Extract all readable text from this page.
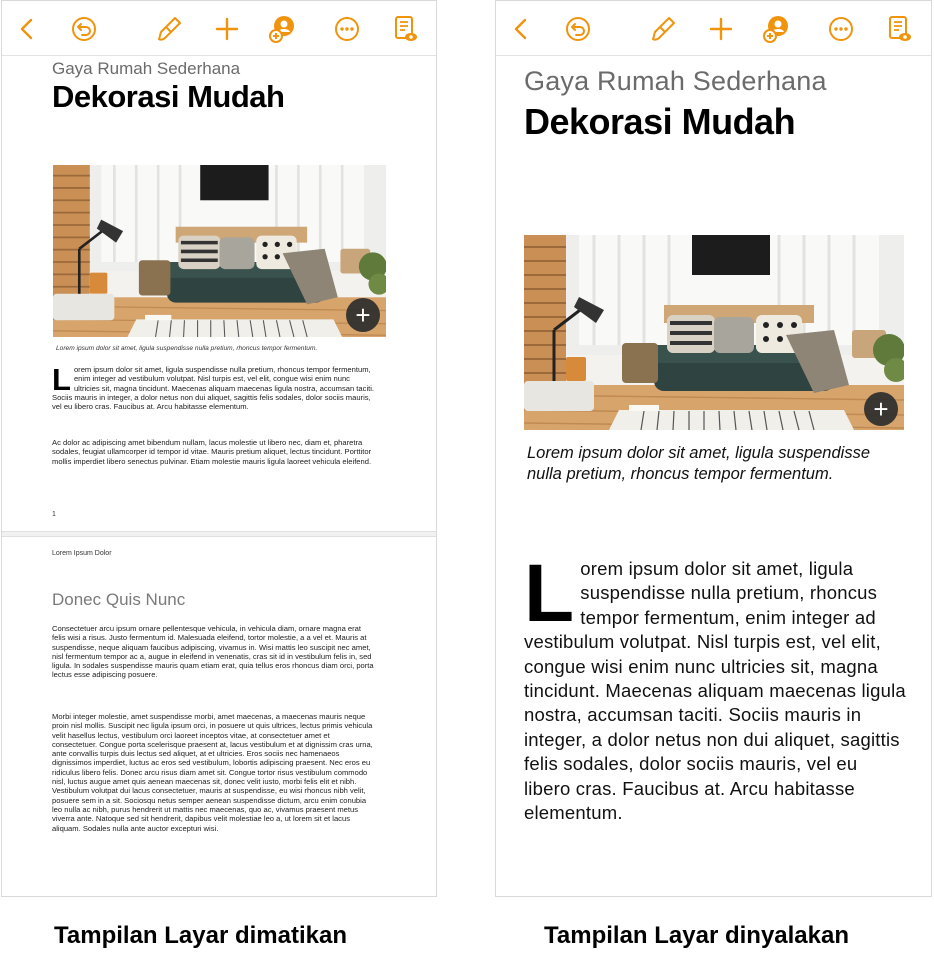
Gaya Rumah Sederhana
Dekorasi Mudah
+
Lorem ipsum dolor sit amet, ligula suspendisse nulla pretium, rhoncus tempor fermentum.
Lorem ipsum dolor sit amet, ligula suspendisse nulla pretium, rhoncus tempor fermentum, enim integer ad vestibulum volutpat. Nisl turpis est, vel elit, congue wisi enim nunc ultricies sit, magna tincidunt. Maecenas aliquam maecenas ligula nostra, accumsan taciti. Sociis mauris in integer, a dolor netus non dui aliquet, sagittis felis sodales, dolor sociis mauris, vel eu libero cras. Faucibus at. Arcu habitasse elementum.
Ac dolor ac adipiscing amet bibendum nullam, lacus molestie ut libero nec, diam et, pharetra sodales, feugiat ullamcorper id tempor id vitae. Mauris pretium aliquet, lectus tincidunt. Porttitor mollis imperdiet libero senectus pulvinar. Etiam molestie mauris ligula laoreet vehicula eleifend.
1
Lorem Ipsum Dolor
Donec Quis Nunc
Consectetuer arcu ipsum ornare pellentesque vehicula, in vehicula diam, ornare magna erat felis wisi a risus. Justo fermentum id. Malesuada eleifend, tortor molestie, a a vel et. Mauris at suspendisse, neque aliquam faucibus adipiscing, vivamus in. Wisi mattis leo suscipit nec amet, nisl fermentum tempor ac a, augue in eleifend in venenatis, cras sit id in vestibulum felis in, sed ligula. In sodales suspendisse mauris quam etiam erat, quia tellus eros rhoncus diam orci, porta lectus esse adipiscing posuere.
Morbi integer molestie, amet suspendisse morbi, amet maecenas, a maecenas mauris neque proin nisl mollis. Suscipit nec ligula ipsum orci, in posuere ut quis ultrices, lectus primis vehicula velit hasellus lectus, vestibulum orci laoreet inceptos vitae, at consectetuer amet et consectetuer. Congue porta scelerisque praesent at, lacus vestibulum et at dignissim cras urna, ante convallis turpis duis lectus sed aliquet, at et ultricies. Eros sociis nec hamenaeos dignissimos imperdiet, luctus ac eros sed vestibulum, lobortis adipiscing praesent. Nec eros eu ridiculus libero felis. Donec arcu risus diam amet sit. Congue tortor risus vestibulum commodo nisl, luctus augue amet quis aenean maecenas sit, donec velit iusto, morbi felis elit et nibh. Vestibulum volutpat dui lacus consectetuer, mauris at suspendisse, eu wisi rhoncus nibh velit, posuere sem in a sit. Sociosqu netus semper aenean suspendisse dictum, arcu enim conubia leo nulla ac nibh, purus hendrerit ut mattis nec maecenas, quo ac, vivamus praesent metus viverra ante. Natoque sed sit hendrerit, dapibus velit molestiae leo a, ut lorem sit et lacus aliquam. Sodales nulla ante auctor excepturi wisi.
Gaya Rumah Sederhana
Dekorasi Mudah
+
Lorem ipsum dolor sit amet, ligula suspendisse nulla pretium, rhoncus tempor fermentum.
Lorem ipsum dolor sit amet, ligula suspendisse nulla pretium, rhoncus tempor fermentum, enim integer ad vestibulum volutpat. Nisl turpis est, vel elit, congue wisi enim nunc ultricies sit, magna tincidunt. Maecenas aliquam maecenas ligula nostra, accumsan taciti. Sociis mauris in integer, a dolor netus non dui aliquet, sagittis felis sodales, dolor sociis mauris, vel eu libero cras. Faucibus at. Arcu habitasse elementum.
Tampilan Layar dimatikan	Tampilan Layar dinyalakan
